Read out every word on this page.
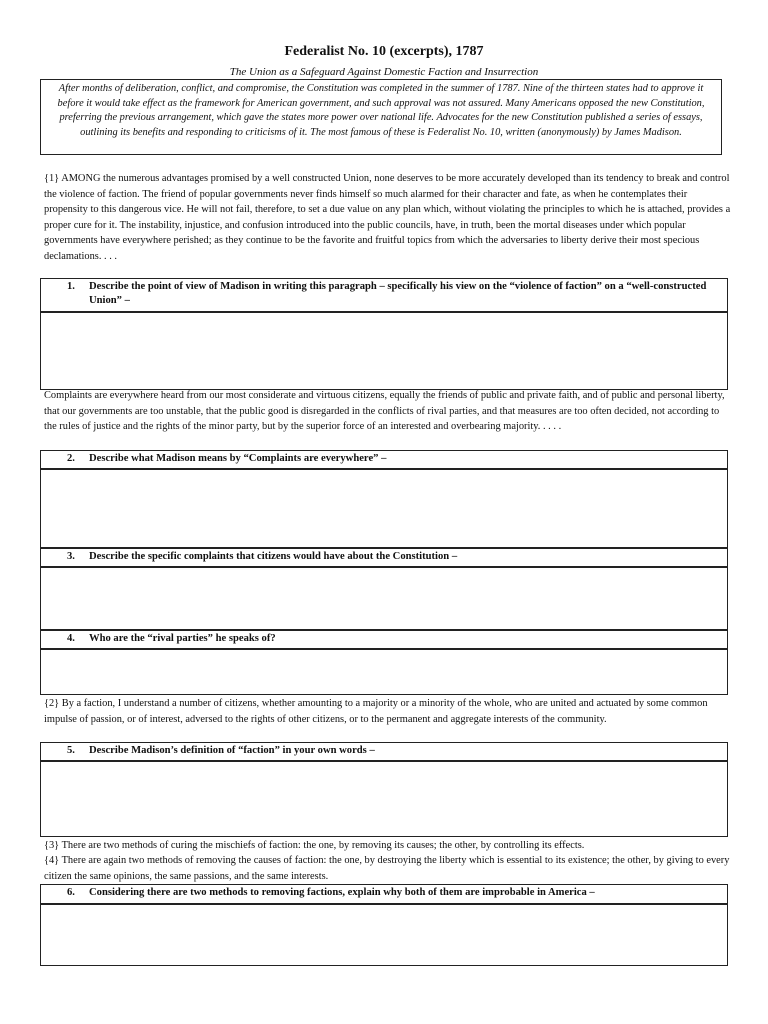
Federalist No. 10 (excerpts), 1787
The Union as a Safeguard Against Domestic Faction and Insurrection
After months of deliberation, conflict, and compromise, the Constitution was completed in the summer of 1787. Nine of the thirteen states had to approve it before it would take effect as the framework for American government, and such approval was not assured. Many Americans opposed the new Constitution, preferring the previous arrangement, which gave the states more power over national life. Advocates for the new Constitution published a series of essays, outlining its benefits and responding to criticisms of it. The most famous of these is Federalist No. 10, written (anonymously) by James Madison.
{1} AMONG the numerous advantages promised by a well constructed Union, none deserves to be more accurately developed than its tendency to break and control the violence of faction. The friend of popular governments never finds himself so much alarmed for their character and fate, as when he contemplates their propensity to this dangerous vice. He will not fail, therefore, to set a due value on any plan which, without violating the principles to which he is attached, provides a proper cure for it. The instability, injustice, and confusion introduced into the public councils, have, in truth, been the mortal diseases under which popular governments have everywhere perished; as they continue to be the favorite and fruitful topics from which the adversaries to liberty derive their most specious declamations. . . .
1.	Describe the point of view of Madison in writing this paragraph – specifically his view on the “violence of faction” on a “well-constructed Union” –
Complaints are everywhere heard from our most considerate and virtuous citizens, equally the friends of public and private faith, and of public and personal liberty, that our governments are too unstable, that the public good is disregarded in the conflicts of rival parties, and that measures are too often decided, not according to the rules of justice and the rights of the minor party, but by the superior force of an interested and overbearing majority. . . . .
2.	Describe what Madison means by “Complaints are everywhere” –
3.	Describe the specific complaints that citizens would have about the Constitution –
4.	Who are the “rival parties” he speaks of?
{2} By a faction, I understand a number of citizens, whether amounting to a majority or a minority of the whole, who are united and actuated by some common impulse of passion, or of interest, adversed to the rights of other citizens, or to the permanent and aggregate interests of the community.
5.	Describe Madison’s definition of “faction” in your own words –
{3} There are two methods of curing the mischiefs of faction: the one, by removing its causes; the other, by controlling its effects.
{4} There are again two methods of removing the causes of faction: the one, by destroying the liberty which is essential to its existence; the other, by giving to every citizen the same opinions, the same passions, and the same interests.
6.	Considering there are two methods to removing factions, explain why both of them are improbable in America –
